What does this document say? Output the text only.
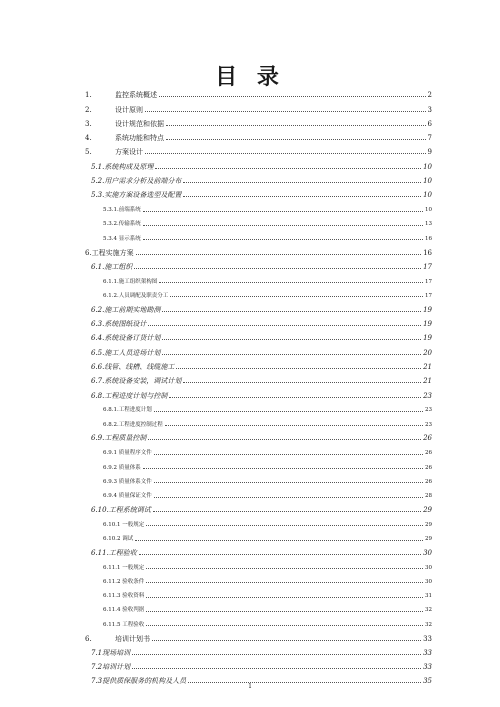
目 录
1.	监控系统概述	2
2.	设计原则	3
3.	设计规范和依据	6
4.	系统功能和特点	7
5.	方案设计	9
5.1.系统构成及原理	10
5.2.用户需求分析及前端分布	10
5.3.实施方案设备选型及配置	10
5.3.1.前端系统	10
5.3.2.传输系统	13
5.3.4 显示系统	16
6.工程实施方案	16
6.1.施工组织	17
6.1.1.施工组织架构图	17
6.1.2.人员调配及职责分工	17
6.2.施工前期实地勘测	19
6.3.系统图纸设计	19
6.4.系统设备订货计划	19
6.5.施工人员进场计划	20
6.6.线管、线槽、线缆施工	21
6.7.系统设备安装，调试计划	21
6.8.工程进度计划与控制	23
6.8.1.工程进度计划	23
6.8.2.工程进度控制过程	23
6.9.工程质量控制	26
6.9.1 质量程序文件	26
6.9.2 质量体系	26
6.9.3 质量体系文件	26
6.9.4 质量保证文件	28
6.10.工程系统调试	29
6.10.1 一般规定	29
6.10.2 调试	29
6.11.工程验收	30
6.11.1 一般规定	30
6.11.2 验收条件	30
6.11.3 验收资料	31
6.11.4 验收判据	32
6.11.5 工程验收	32
6.	培训计划书	33
7.1现场培训	33
7.2培训计划	33
7.3提供质保服务的机构及人员	35
1
